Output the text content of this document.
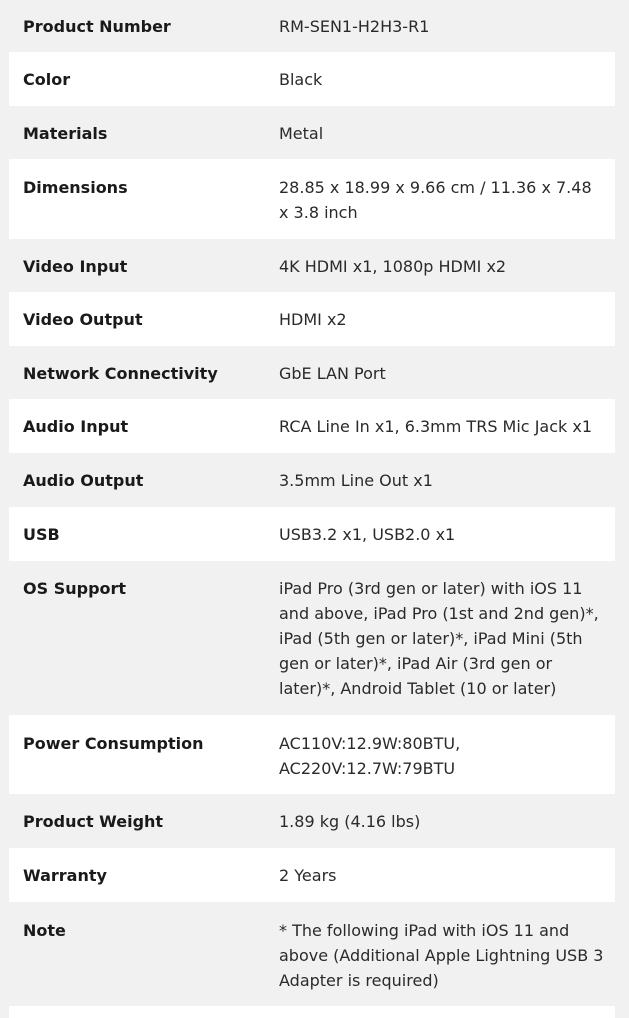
Product Number	RM-SEN1-H2H3-R1
Color	Black
Materials	Metal
Dimensions	28.85 x 18.99 x 9.66 cm / 11.36 x 7.48 x 3.8 inch
Video Input	4K HDMI x1, 1080p HDMI x2
Video Output	HDMI x2
Network Connectivity	GbE LAN Port
Audio Input	RCA Line In x1, 6.3mm TRS Mic Jack x1
Audio Output	3.5mm Line Out x1
USB	USB3.2 x1, USB2.0 x1
OS Support	iPad Pro (3rd gen or later) with iOS 11 and above, iPad Pro (1st and 2nd gen)*, iPad (5th gen or later)*, iPad Mini (5th gen or later)*, iPad Air (3rd gen or later)*, Android Tablet (10 or later)
Power Consumption	AC110V:12.9W:80BTU, AC220V:12.7W:79BTU
Product Weight	1.89 kg (4.16 lbs)
Warranty	2 Years
Note	* The following iPad with iOS 11 and above (Additional Apple Lightning USB 3 Adapter is required)
